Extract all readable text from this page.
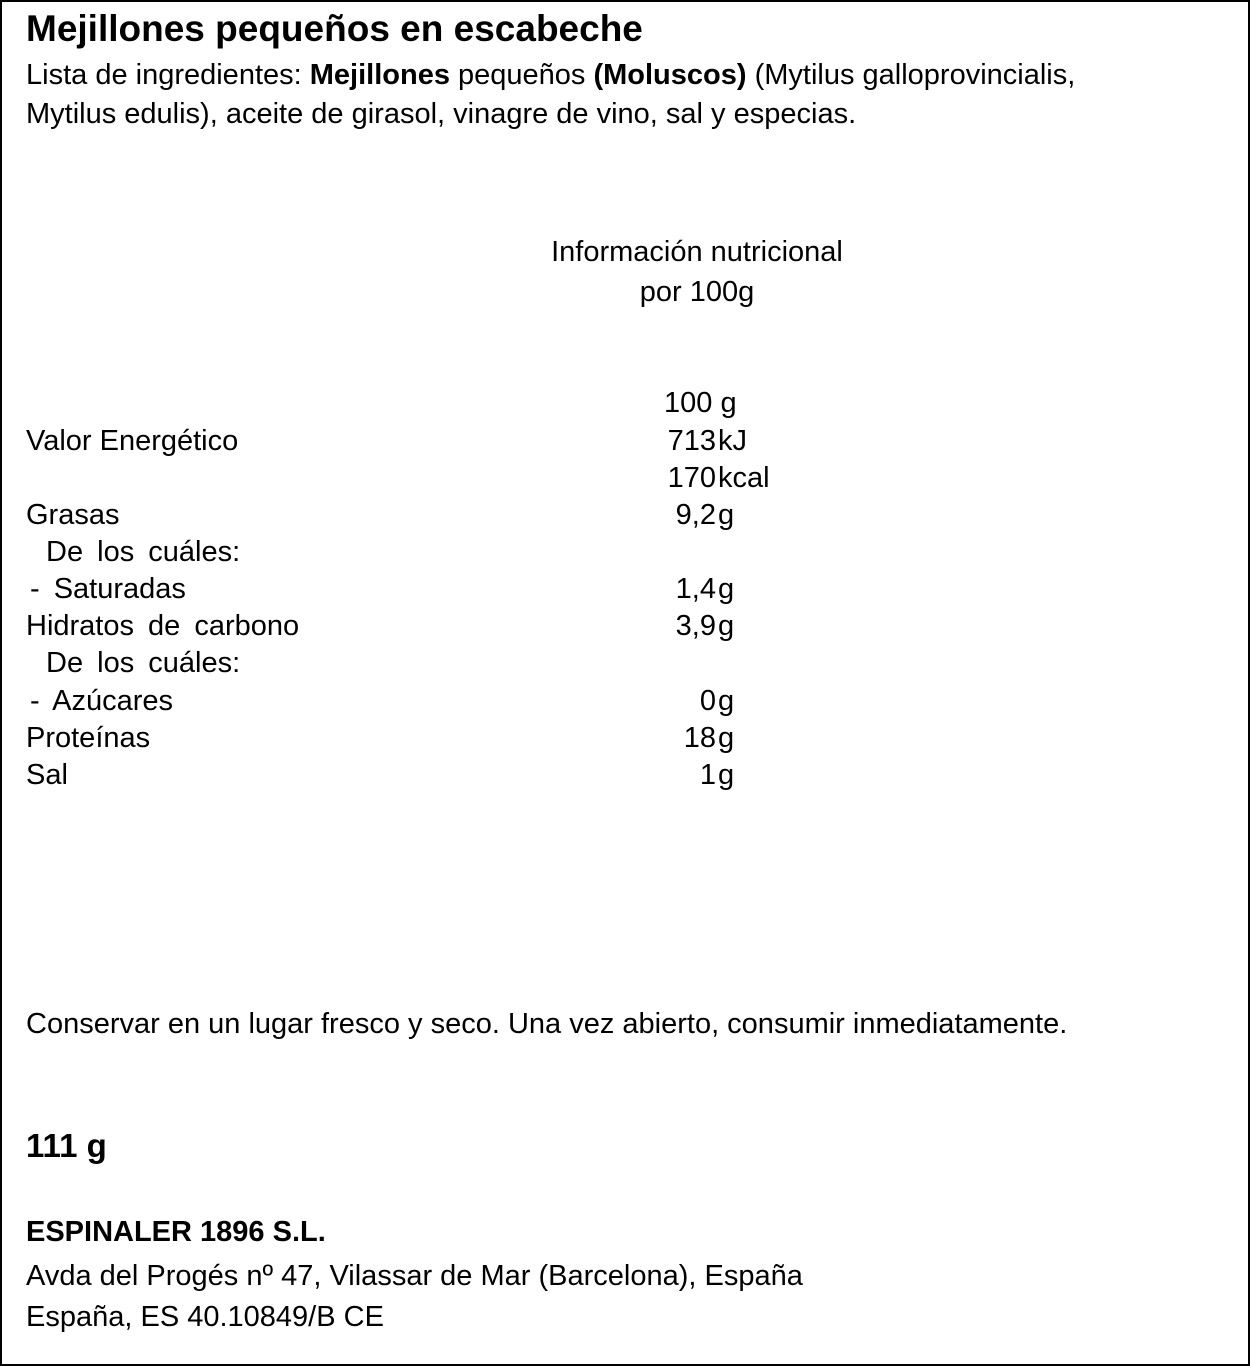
Mejillones pequeños en escabeche
Lista de ingredientes: Mejillones pequeños (Moluscos) (Mytilus galloprovincialis, Mytilus edulis), aceite de girasol, vinagre de vino, sal y especias.
Información nutricional
por 100g
100 g
Valor Energético	713 kJ
170 kcal
Grasas	9,2 g
De los cuáles:
- Saturadas	1,4 g
Hidratos de carbono	3,9 g
De los cuáles:
- Azúcares	0 g
Proteínas	18 g
Sal	1 g
Conservar en un lugar fresco y seco. Una vez abierto, consumir inmediatamente.
111 g
ESPINALER 1896 S.L.
Avda del Progés nº 47, Vilassar de Mar (Barcelona), España
España, ES 40.10849/B CE
